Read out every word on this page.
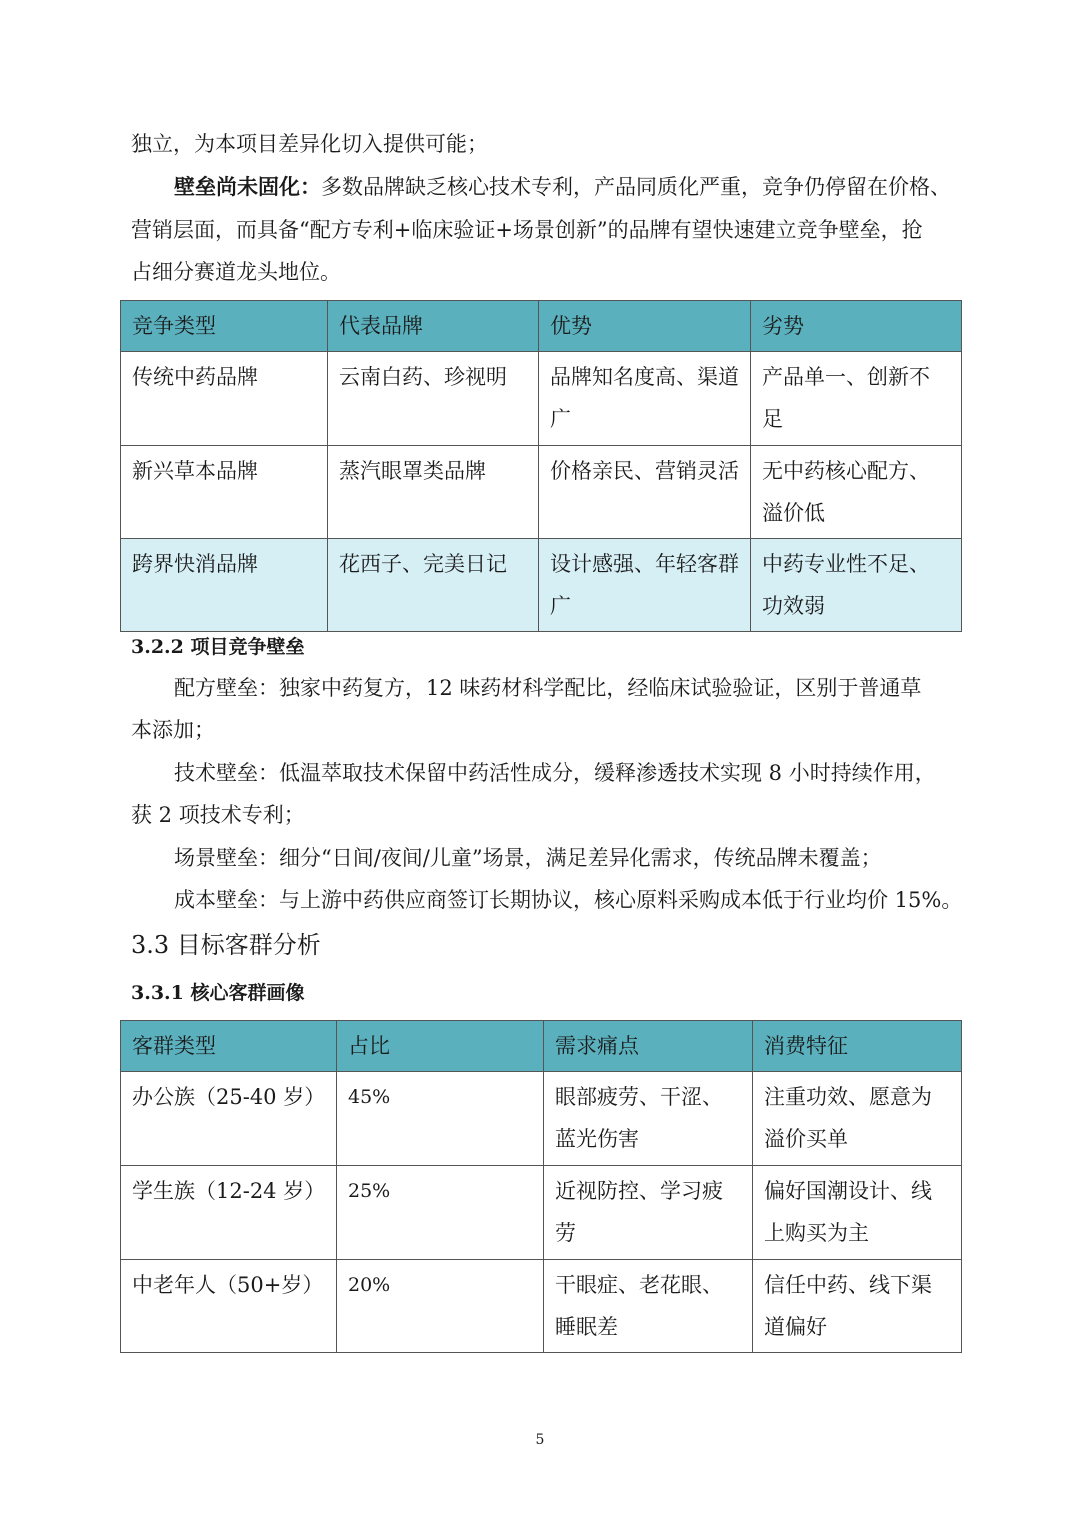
独立，为本项目差异化切入提供可能；
壁垒尚未固化：多数品牌缺乏核心技术专利，产品同质化严重，竞争仍停留在价格、
营销层面，而具备“配方专利+临床验证+场景创新”的品牌有望快速建立竞争壁垒，抢
占细分赛道龙头地位。
竞争类型	代表品牌	优势	劣势
传统中药品牌	云南白药、珍视明	品牌知名度高、渠道广	产品单一、创新不足
新兴草本品牌	蒸汽眼罩类品牌	价格亲民、营销灵活	无中药核心配方、溢价低
跨界快消品牌	花西子、完美日记	设计感强、年轻客群广	中药专业性不足、功效弱
3.2.2 项目竞争壁垒
配方壁垒：独家中药复方，12 味药材科学配比，经临床试验验证，区别于普通草
本添加；
技术壁垒：低温萃取技术保留中药活性成分，缓释渗透技术实现 8 小时持续作用，
获 2 项技术专利；
场景壁垒：细分“日间/夜间/儿童”场景，满足差异化需求，传统品牌未覆盖；
成本壁垒：与上游中药供应商签订长期协议，核心原料采购成本低于行业均价 15%。
3.3 目标客群分析
3.3.1 核心客群画像
客群类型	占比	需求痛点	消费特征
办公族（25-40 岁）	45%	眼部疲劳、干涩、蓝光伤害	注重功效、愿意为溢价买单
学生族（12-24 岁）	25%	近视防控、学习疲劳	偏好国潮设计、线上购买为主
中老年人（50+岁）	20%	干眼症、老花眼、睡眠差	信任中药、线下渠道偏好
5
